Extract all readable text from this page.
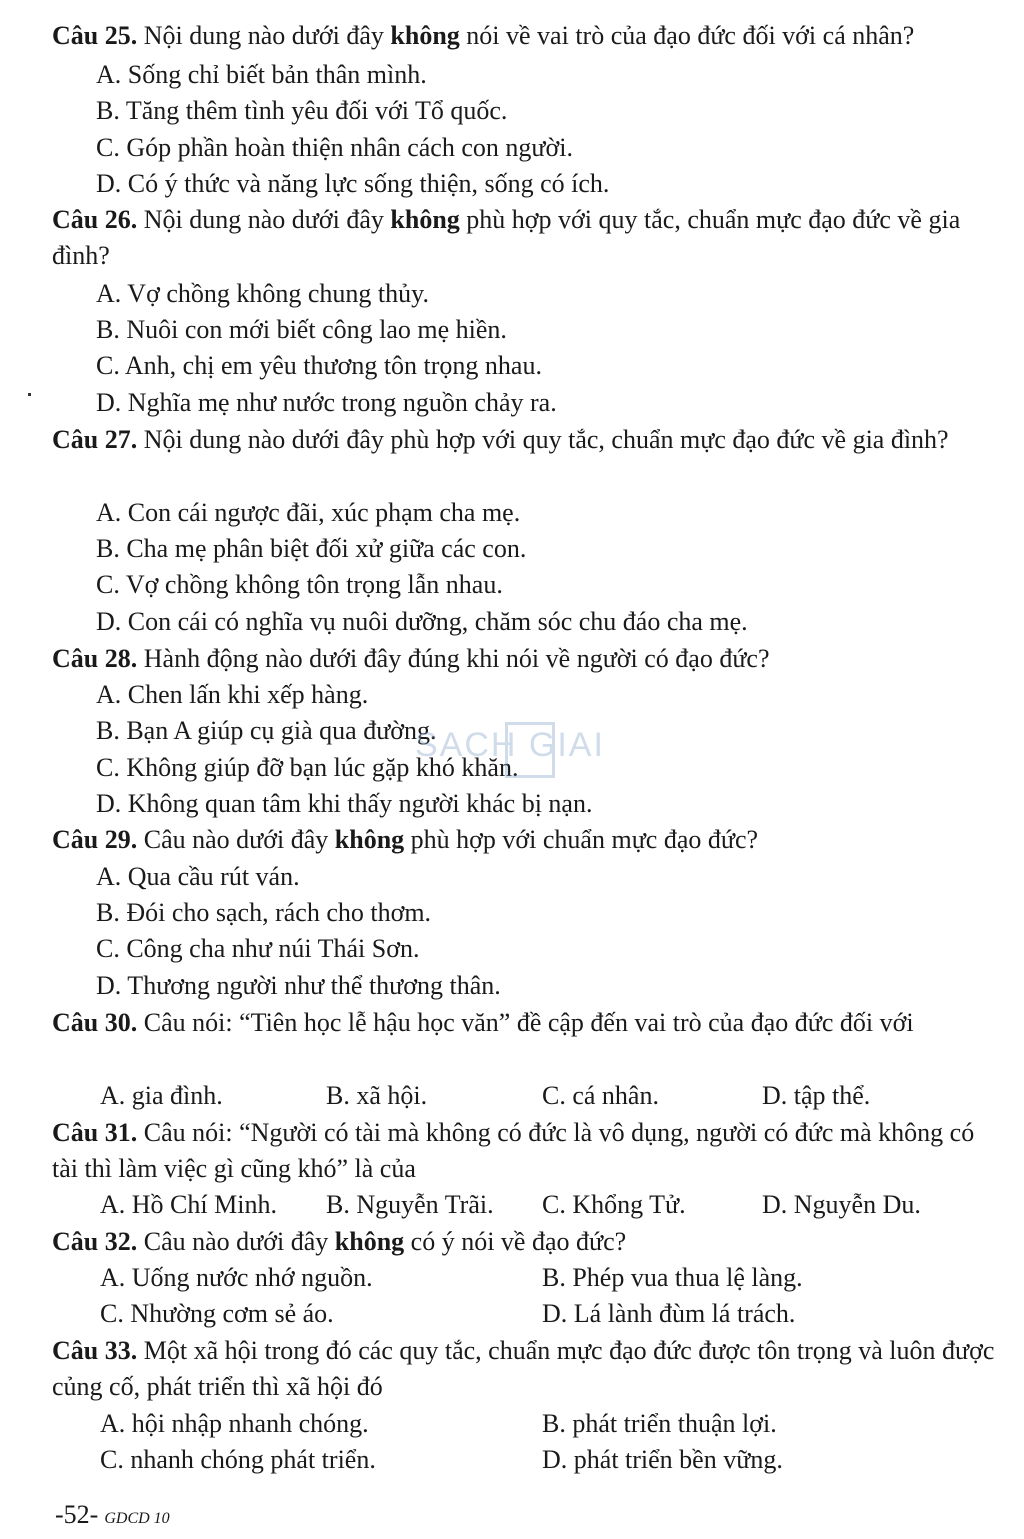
Câu 25. Nội dung nào dưới đây không nói về vai trò của đạo đức đối với cá nhân?
A. Sống chỉ biết bản thân mình.
B. Tăng thêm tình yêu đối với Tổ quốc.
C. Góp phần hoàn thiện nhân cách con người.
D. Có ý thức và năng lực sống thiện, sống có ích.
Câu 26. Nội dung nào dưới đây không phù hợp với quy tắc, chuẩn mực đạo đức về gia đình?
A. Vợ chồng không chung thủy.
B. Nuôi con mới biết công lao mẹ hiền.
C. Anh, chị em yêu thương tôn trọng nhau.
D. Nghĩa mẹ như nước trong nguồn chảy ra.
Câu 27. Nội dung nào dưới đây phù hợp với quy tắc, chuẩn mực đạo đức về gia đình?
A. Con cái ngược đãi, xúc phạm cha mẹ.
B. Cha mẹ phân biệt đối xử giữa các con.
C. Vợ chồng không tôn trọng lẫn nhau.
D. Con cái có nghĩa vụ nuôi dưỡng, chăm sóc chu đáo cha mẹ.
Câu 28. Hành động nào dưới đây đúng khi nói về người có đạo đức?
A. Chen lấn khi xếp hàng.
B. Bạn A giúp cụ già qua đường.
C. Không giúp đỡ bạn lúc gặp khó khăn.
D. Không quan tâm khi thấy người khác bị nạn.
Câu 29. Câu nào dưới đây không phù hợp với chuẩn mực đạo đức?
A. Qua cầu rút ván.
B. Đói cho sạch, rách cho thơm.
C. Công cha như núi Thái Sơn.
D. Thương người như thể thương thân.
Câu 30. Câu nói: “Tiên học lễ hậu học văn” đề cập đến vai trò của đạo đức đối với
A. gia đình.	B. xã hội.	C. cá nhân.	D. tập thể.
Câu 31. Câu nói: “Người có tài mà không có đức là vô dụng, người có đức mà không có tài thì làm việc gì cũng khó” là của
A. Hồ Chí Minh. B. Nguyễn Trãi. C. Khổng Tử.	D. Nguyễn Du.
Câu 32. Câu nào dưới đây không có ý nói về đạo đức?
A. Uống nước nhớ nguồn.	B. Phép vua thua lệ làng.
C. Nhường cơm sẻ áo.	D. Lá lành đùm lá trách.
Câu 33. Một xã hội trong đó các quy tắc, chuẩn mực đạo đức được tôn trọng và luôn được củng cố, phát triển thì xã hội đó
A. hội nhập nhanh chóng.	B. phát triển thuận lợi.
C. nhanh chóng phát triển.	D. phát triển bền vững.
SACH GIAI
-52- GDCD 10
